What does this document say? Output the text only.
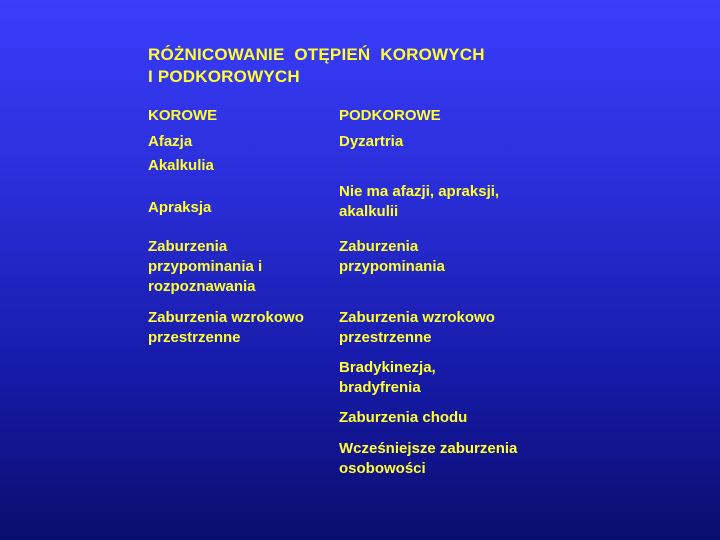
RÓŻNICOWANIE  OTĘPIEŃ  KOROWYCH
I PODKOROWYCH

KOROWE

Afazja

Akalkulia

Apraksja

Zaburzenia
przypominania i
rozpoznawania

Zaburzenia wzrokowo
przestrzenne

PODKOROWE

Dyzartria

Nie ma afazji, apraksji,
akalkulii

Zaburzenia
przypominania

Zaburzenia wzrokowo
przestrzenne

Bradykinezja,
bradyfrenia

Zaburzenia chodu

Wcześniejsze zaburzenia
osobowości
